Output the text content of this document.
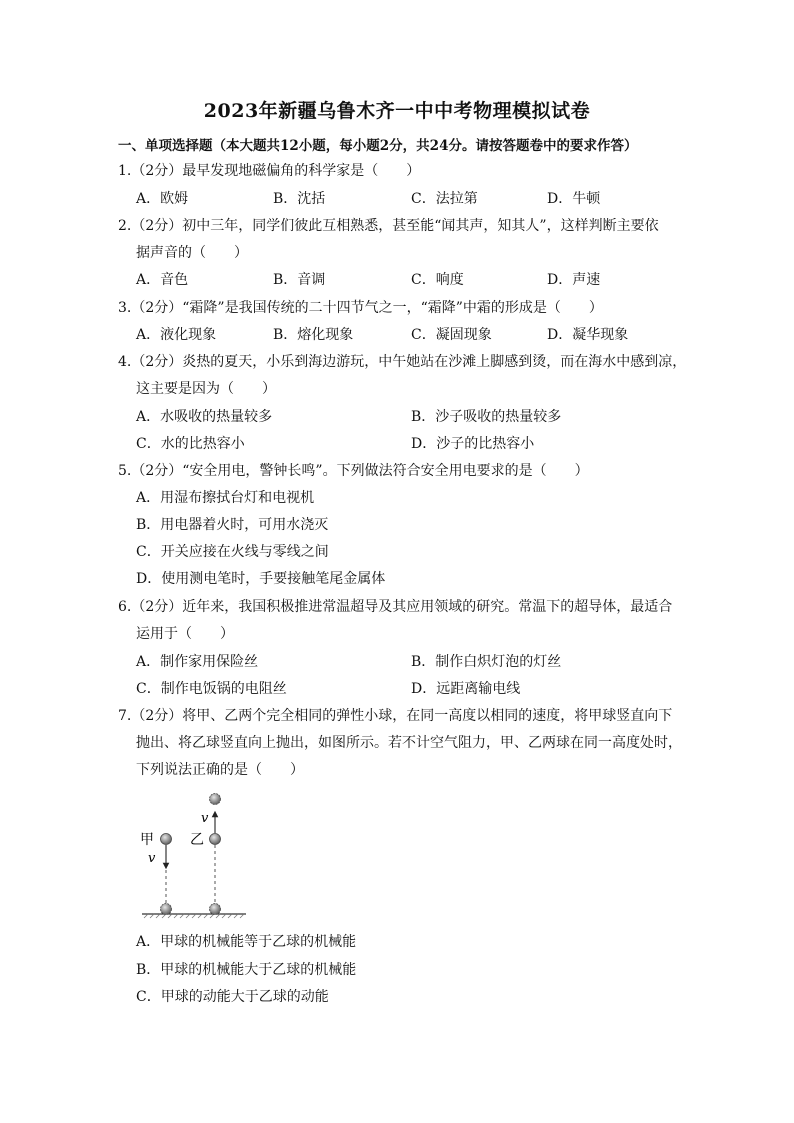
2023年新疆乌鲁木齐一中中考物理模拟试卷
一、单项选择题（本大题共12小题，每小题2分，共24分。请按答题卷中的要求作答）
1.（2分）最早发现地磁偏角的科学家是（　　）
A．欧姆	B．沈括	C．法拉第	D．牛顿
2.（2分）初中三年，同学们彼此互相熟悉，甚至能“闻其声，知其人”，这样判断主要依
据声音的（　　）
A．音色	B．音调	C．响度	D．声速
3.（2分）“霜降”是我国传统的二十四节气之一，“霜降”中霜的形成是（　　）
A．液化现象	B．熔化现象	C．凝固现象	D．凝华现象
4.（2分）炎热的夏天，小乐到海边游玩，中午她站在沙滩上脚感到烫，而在海水中感到凉，
这主要是因为（　　）
A．水吸收的热量较多	B．沙子吸收的热量较多
C．水的比热容小	D．沙子的比热容小
5.（2分）“安全用电，警钟长鸣”。下列做法符合安全用电要求的是（　　）
A．用湿布擦拭台灯和电视机
B．用电器着火时，可用水浇灭
C．开关应接在火线与零线之间
D．使用测电笔时，手要接触笔尾金属体
6.（2分）近年来，我国积极推进常温超导及其应用领域的研究。常温下的超导体，最适合
运用于（　　）
A．制作家用保险丝	B．制作白炽灯泡的灯丝
C．制作电饭锅的电阻丝	D．远距离输电线
7.（2分）将甲、乙两个完全相同的弹性小球，在同一高度以相同的速度，将甲球竖直向下
抛出、将乙球竖直向上抛出，如图所示。若不计空气阻力，甲、乙两球在同一高度处时，
下列说法正确的是（　　）
甲
v
乙
v
A．甲球的机械能等于乙球的机械能
B．甲球的机械能大于乙球的机械能
C．甲球的动能大于乙球的动能
